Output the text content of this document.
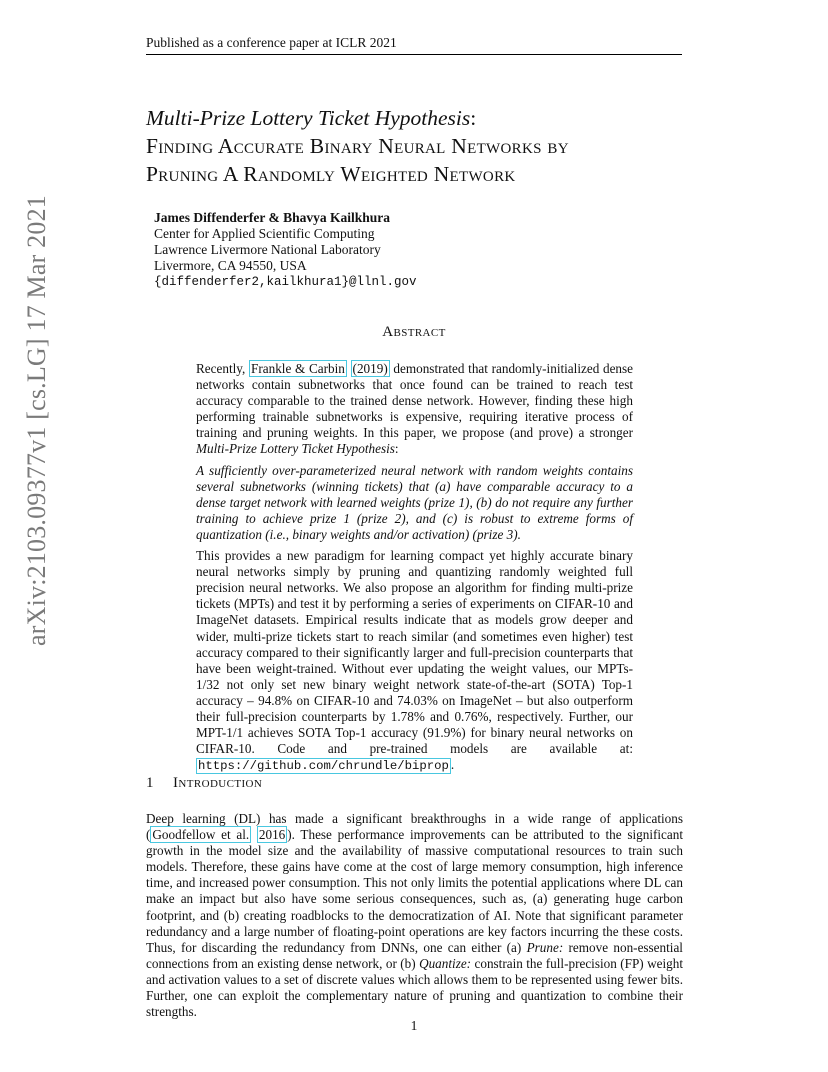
Published as a conference paper at ICLR 2021
arXiv:2103.09377v1 [cs.LG] 17 Mar 2021
Multi-Prize Lottery Ticket Hypothesis:
Finding Accurate Binary Neural Networks by
Pruning A Randomly Weighted Network
James Diffenderfer & Bhavya Kailkhura
Center for Applied Scientific Computing
Lawrence Livermore National Laboratory
Livermore, CA 94550, USA
{diffenderfer2,kailkhura1}@llnl.gov
Abstract

Recently, Frankle & Carbin (2019) demonstrated that randomly-initialized dense networks contain subnetworks that once found can be trained to reach test accuracy comparable to the trained dense network. However, finding these high performing trainable subnetworks is expensive, requiring iterative process of training and pruning weights. In this paper, we propose (and prove) a stronger Multi-Prize Lottery Ticket Hypothesis:

A sufficiently over-parameterized neural network with random weights contains several subnetworks (winning tickets) that (a) have comparable accuracy to a dense target network with learned weights (prize 1), (b) do not require any further training to achieve prize 1 (prize 2), and (c) is robust to extreme forms of quantization (i.e., binary weights and/or activation) (prize 3).

This provides a new paradigm for learning compact yet highly accurate binary neural networks simply by pruning and quantizing randomly weighted full precision neural networks. We also propose an algorithm for finding multi-prize tickets (MPTs) and test it by performing a series of experiments on CIFAR-10 and ImageNet datasets. Empirical results indicate that as models grow deeper and wider, multi-prize tickets start to reach similar (and sometimes even higher) test accuracy compared to their significantly larger and full-precision counterparts that have been weight-trained. Without ever updating the weight values, our MPTs-1/32 not only set new binary weight network state-of-the-art (SOTA) Top-1 accuracy – 94.8% on CIFAR-10 and 74.03% on ImageNet – but also outperform their full-precision counterparts by 1.78% and 0.76%, respectively. Further, our MPT-1/1 achieves SOTA Top-1 accuracy (91.9%) for binary neural networks on CIFAR-10. Code and pre-trained models are available at: https://github.com/chrundle/biprop .

1 Introduction
Deep learning (DL) has made a significant breakthroughs in a wide range of applications ( Goodfellow et al. 2016 ). These performance improvements can be attributed to the significant growth in the model size and the availability of massive computational resources to train such models. Therefore, these gains have come at the cost of large memory consumption, high inference time, and increased power consumption. This not only limits the potential applications where DL can make an impact but also have some serious consequences, such as, (a) generating huge carbon footprint, and (b) creating roadblocks to the democratization of AI. Note that significant parameter redundancy and a large number of floating-point operations are key factors incurring the these costs. Thus, for discarding the redundancy from DNNs, one can either (a) Prune: remove non-essential connections from an existing dense network, or (b) Quantize: constrain the full-precision (FP) weight and activation values to a set of discrete values which allows them to be represented using fewer bits. Further, one can exploit the complementary nature of pruning and quantization to combine their strengths.
1
